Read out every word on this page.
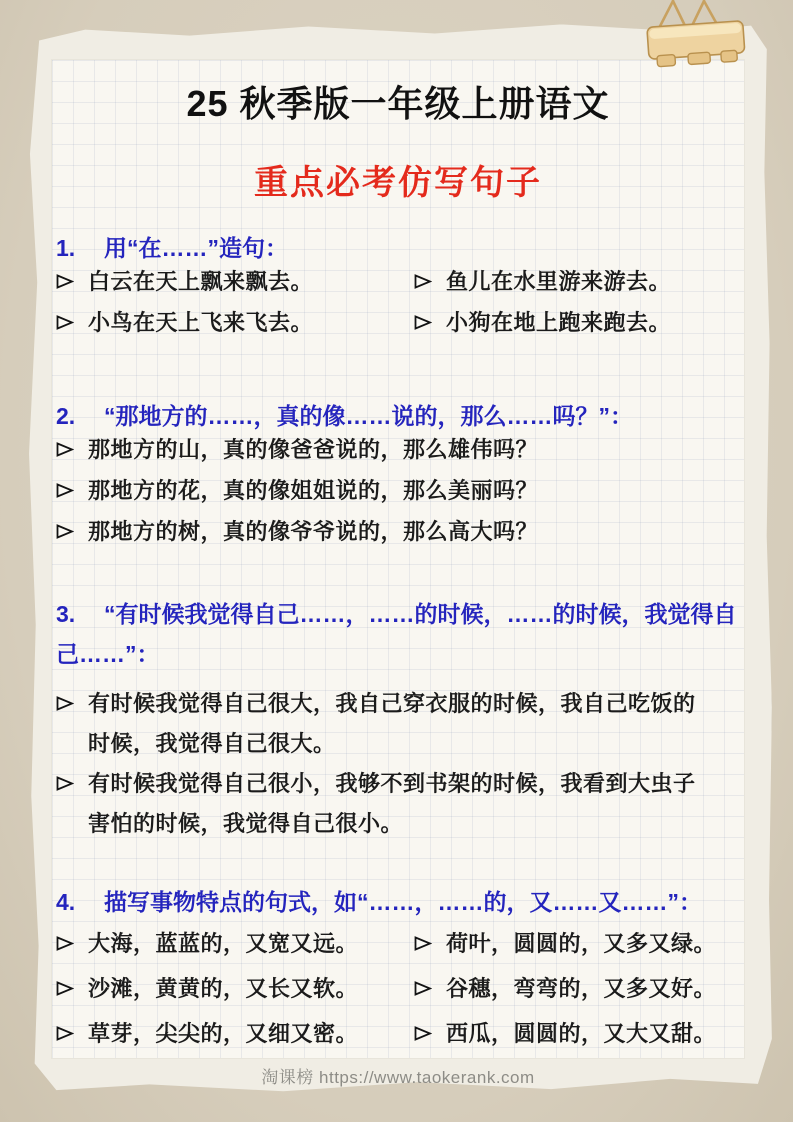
25 秋季版一年级上册语文
重点必考仿写句子
1. 用“在……”造句：
白云在天上飘来飘去。	鱼儿在水里游来游去。
小鸟在天上飞来飞去。	小狗在地上跑来跑去。
2. “那地方的……，真的像……说的，那么……吗？”：
那地方的山，真的像爸爸说的，那么雄伟吗？
那地方的花，真的像姐姐说的，那么美丽吗？
那地方的树，真的像爷爷说的，那么高大吗？
3. “有时候我觉得自己……，……的时候，……的时候，我觉得自己……”：
有时候我觉得自己很大，我自己穿衣服的时候，我自己吃饭的时候，我觉得自己很大。
有时候我觉得自己很小，我够不到书架的时候，我看到大虫子害怕的时候，我觉得自己很小。
4. 描写事物特点的句式，如“……，……的，又……又……”：
大海，蓝蓝的，又宽又远。	荷叶，圆圆的，又多又绿。
沙滩，黄黄的，又长又软。	谷穗，弯弯的，又多又好。
草芽，尖尖的，又细又密。	西瓜，圆圆的，又大又甜。
淘课榜 https://www.taokerank.com
